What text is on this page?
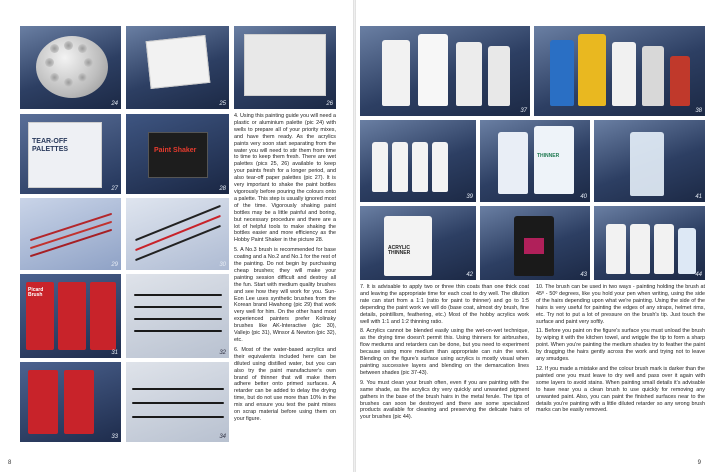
24	25	26
TEAR-OFF PALETTES
27
Paint Shaker
28
29	30
Picard Brush
31	32
33	34

4. Using this painting guide you will need a plastic or aluminium palette (pic 24) with wells to prepare all of your priority mixes, and have them ready. As the acrylics paints very soon start separating from the water you will need to stir them from time to time to keep them fresh. There are wet palettes (pics 25, 26) available to keep your paints fresh for a longer period, and also tear-off paper palettes (pic 27). It is very important to shake the paint bottles vigorously before pouring the colours onto a palette. This step is usually ignored most of the time. Vigorously shaking paint bottles may be a little painful and boring, but necessary procedure and there are a lot of helpful tools to make shaking the bottles easier and more efficiency as the Hobby Paint Shaker in the picture 28.

5. A No.3 brush is recommended for base coating and a No.2 and No.1 for the rest of the painting. Do not begin by purchasing cheap brushes; they will make your painting session difficult and destroy all the fun. Start with medium quality brushes and see how they will work for you. Sun-Eon Lee uses synthetic brushes from the Korean brand Hwahong (pic 29) that work very well for him. On the other hand most experienced painters prefer Kolinsky brushes like AK-Interactive (pic 30), Vallejo (pic 31), Winsor & Newton (pic 32), etc.

6. Most of the water-based acrylics and their equivalents included here can be diluted using distilled water, but you can also try the paint manufacturer's own brand of thinner that will make them adhere better onto primed surfaces. A retarder can be added to delay the drying time, but do not use more than 10% in the mix and ensure you test the paint mixes on scrap material before using them on your figure.

8
37	38
39
THINNER
40	41
ACRYLIC THINNER
42	43	44

7. It is advisable to apply two or three thin coats than one thick coat and leaving the appropriate time for each coat to dry well. The dilution rate can start from a 1:1 (ratio for paint to thinner) and go to 1:5 depending the paint work we will do (base coat, almost dry brush, fine details, pointillism, feathering, etc.) Most of the hobby acrylics work well with 1:1 and 1:2 thinning ratio.

8. Acrylics cannot be blended easily using the wet-on-wet technique, as the drying time doesn't permit this. Using thinners for airbrushes, flow mediums and retarders can be done, but you need to experiment because using more medium than appropriate can ruin the work. Blending on the figure's surface using acrylics is mostly visual when painting successive layers and blending on the demarcation lines between shades (pic 37-43).

9. You must clean your brush often, even if you are painting with the same shade, as the acrylics dry very quickly and unwanted pigment gathers in the base of the brush hairs in the metal ferule. The tips of brushes can soon be destroyed and there are some specialized products available for cleaning and preserving the delicate hairs of your brushes (pic 44).

10. The brush can be used in two ways - painting holding the brush at 45º - 50º degrees, like you hold your pen when writing, using the side of the hairs depending upon what we're painting. Using the side of the hairs is very useful for painting the edges of any straps, helmet rims, etc. Try not to put a lot of pressure on the brush's tip. Just touch the surface and paint very softly.

11. Before you paint on the figure's surface you must unload the brush by wiping it with the kitchen towel, and wriggle the tip to form a sharp point. When you're painting the medium shades try to feather the paint by dragging the hairs gently across the work and trying not to leave any smudges.

12. If you made a mistake and the colour brush mark is darker than the painted one you must leave to dry well and pass over it again with some layers to avoid stains. When painting small details it's advisable to have near you a clean brush to use quickly for removing any unwanted paint. Also, you can paint the finished surfaces near to the details you're painting with a little diluted retarder so any wrong brush marks can be easily removed.

9
